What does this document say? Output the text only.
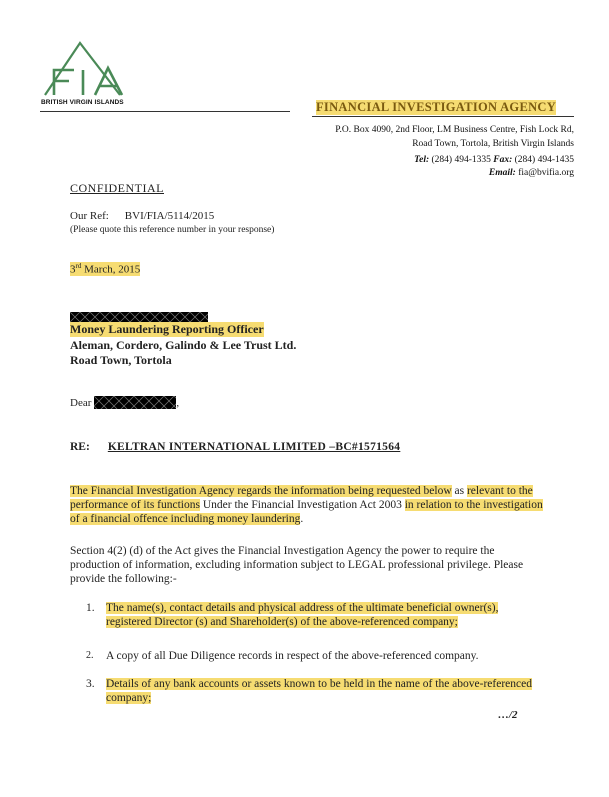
BRITISH VIRGIN ISLANDS	FINANCIAL INVESTIGATION AGENCY
P.O. Box 4090, 2nd Floor, LM Business Centre, Fish Lock Rd,
Road Town, Tortola, British Virgin Islands
Tel: (284) 494-1335 Fax: (284) 494-1435
Email: fia@bvifia.org
CONFIDENTIAL
Our Ref: BVI/FIA/5114/2015
(Please quote this reference number in your response)
3rd March, 2015
Money Laundering Reporting Officer
Aleman, Cordero, Galindo & Lee Trust Ltd.
Road Town, Tortola
Dear	,
RE: KELTRAN INTERNATIONAL LIMITED –BC#1571564
The Financial Investigation Agency regards the information being requested below as relevant to the performance of its functions Under the Financial Investigation Act 2003 in relation to the investigation of a financial offence including money laundering.
Section 4(2) (d) of the Act gives the Financial Investigation Agency the power to require the production of information, excluding information subject to LEGAL professional privilege. Please provide the following:-
1. The name(s), contact details and physical address of the ultimate beneficial owner(s), registered Director (s) and Shareholder(s) of the above-referenced company;
2. A copy of all Due Diligence records in respect of the above-referenced company.
3. Details of any bank accounts or assets known to be held in the name of the above-referenced company;
…/2
